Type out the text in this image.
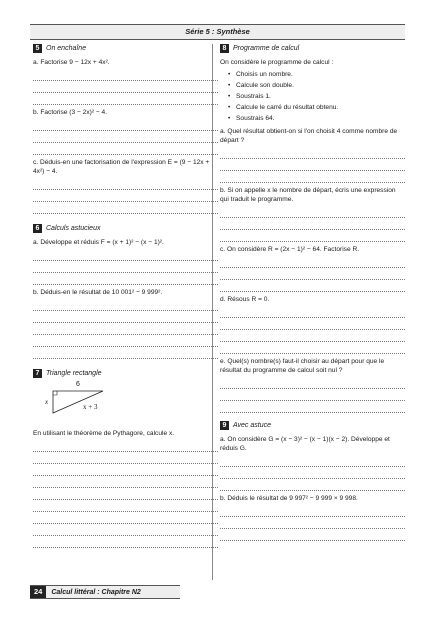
Série 5 : Synthèse
5 On enchaîne
a. Factorise 9 − 12x + 4x².
b. Factorise (3 − 2x)² − 4.
c. Déduis-en une factorisation de l'expression E = (9 − 12x + 4x²) − 4.
6 Calculs astucieux
a. Développe et réduis F = (x + 1)² − (x − 1)².
b. Déduis-en le résultat de 10 001² − 9 999².
7 Triangle rectangle
6
x
x + 3
En utilisant le théorème de Pythagore, calcule x.
8 Programme de calcul
On considère le programme de calcul :
• Choisis un nombre.
• Calcule son double.
• Soustrais 1.
• Calcule le carré du résultat obtenu.
• Soustrais 64.
a. Quel résultat obtient-on si l'on choisit 4 comme nombre de départ ?
b. Si on appelle x le nombre de départ, écris une expression qui traduit le programme.
c. On considère R = (2x − 1)² − 64. Factorise R.
d. Résous R = 0.
e. Quel(s) nombre(s) faut-il choisir au départ pour que le résultat du programme de calcul soit nul ?
9 Avec astuce
a. On considère G = (x − 3)² − (x − 1)(x − 2). Développe et réduis G.
b. Déduis le résultat de 9 997² − 9 999 × 9 998.
24	Calcul littéral : Chapitre N2
